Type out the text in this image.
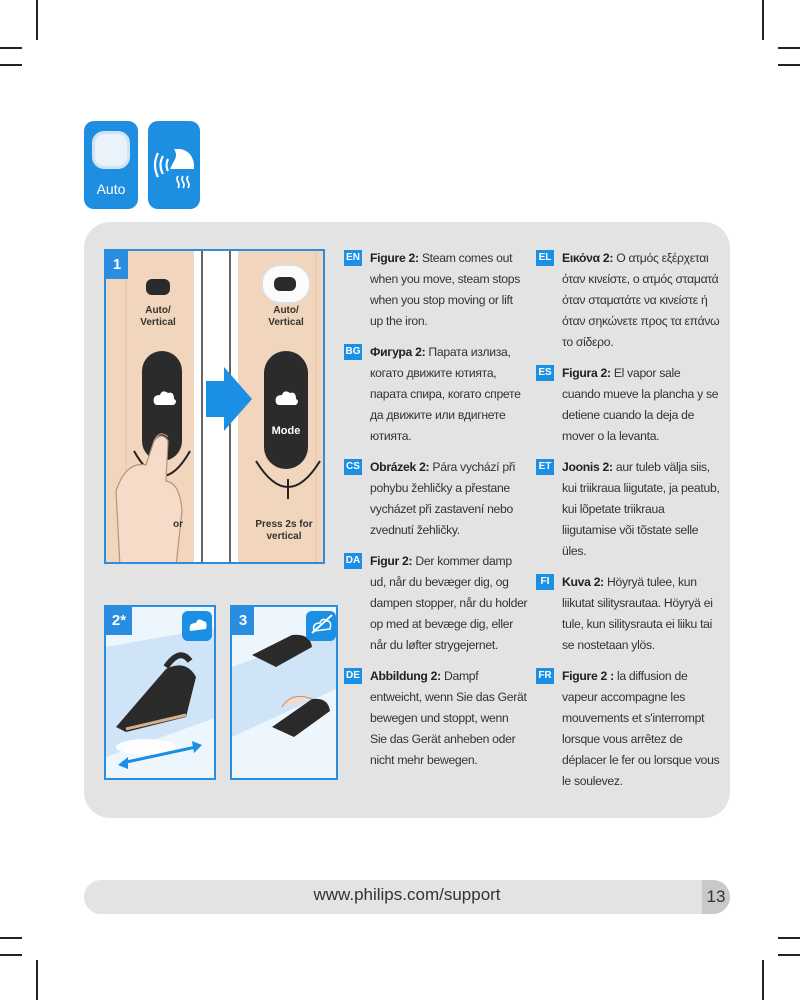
Auto
1
Auto/
Vertical
Auto/
Vertical
Mode
or	Press 2s for
vertical
2*	3
EN Figure 2: Steam comes out when you move, steam stops when you stop moving or lift up the iron.
BG Фигура 2: Парата излиза, когато движите ютията, парата спира, когато спрете да движите или вдигнете ютията.
CS Obrázek 2: Pára vychází při pohybu žehličky a přestane vycházet při zastavení nebo zvednutí žehličky.
DA Figur 2: Der kommer damp ud, når du bevæger dig, og dampen stopper, når du holder op med at bevæge dig, eller når du løfter strygejernet.
DE Abbildung 2: Dampf entweicht, wenn Sie das Gerät bewegen und stoppt, wenn Sie das Gerät anheben oder nicht mehr bewegen.
EL Εικόνα 2: Ο ατμός εξέρχεται όταν κινείστε, ο ατμός σταματά όταν σταματάτε να κινείστε ή όταν σηκώνετε προς τα επάνω το σίδερο.
ES Figura 2: El vapor sale cuando mueve la plancha y se detiene cuando la deja de mover o la levanta.
ET Joonis 2: aur tuleb välja siis, kui triikraua liigutate, ja peatub, kui lõpetate triikraua liigutamise või tõstate selle üles.
FI	Kuva 2: Höyryä tulee, kun liikutat silitysrautaa. Höyryä ei tule, kun silitysrauta ei liiku tai se nostetaan ylös.
FR Figure 2 : la diffusion de vapeur accompagne les mouvements et s'interrompt lorsque vous arrêtez de déplacer le fer ou lorsque vous le soulevez.
www.philips.com/support	13
